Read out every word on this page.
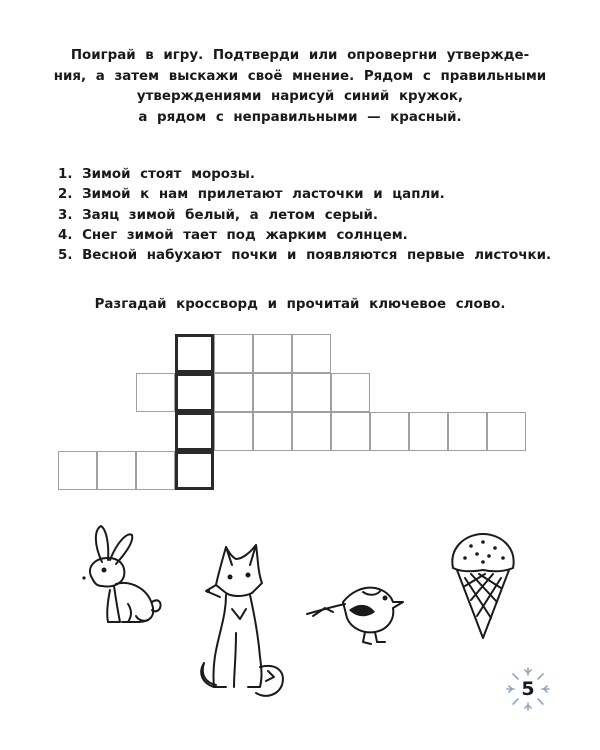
Поиграй в игру. Подтверди или опровергни утвержде-
ния, а затем выскажи своё мнение. Рядом с правильными
утверждениями нарисуй синий кружок,
а рядом с неправильными — красный.

1. Зимой стоят морозы.
2. Зимой к нам прилетают ласточки и цапли.
3. Заяц зимой белый, а летом серый.
4. Снег зимой тает под жарким солнцем.
5. Весной набухают почки и появляются первые листочки.

Разгадай кроссворд и прочитай ключевое слово.

5
